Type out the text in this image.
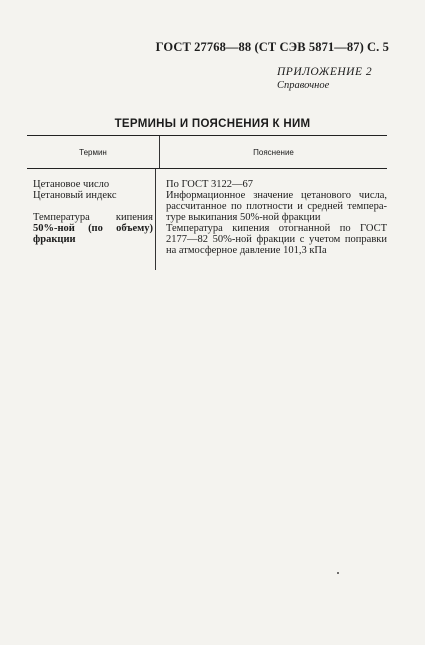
ГОСТ 27768—88 (СТ СЭВ 5871—87) С. 5
ПРИЛОЖЕНИЕ 2
Справочное
ТЕРМИНЫ И ПОЯСНЕНИЯ К НИМ
Термин	Пояснение
Цетановое число
Цетановый индекс
Температура кипения
50%-ной (по объему)
фракции
По ГОСТ 3122—67
Информационное значение цетанового числа,
рассчитанное по плотности и средней темпера-
туре выкипания 50%-ной фракции
Температура кипения отогнанной по ГОСТ
2177—82 50%-ной фракции с учетом поправки
на атмосферное давление 101,3 кПа
